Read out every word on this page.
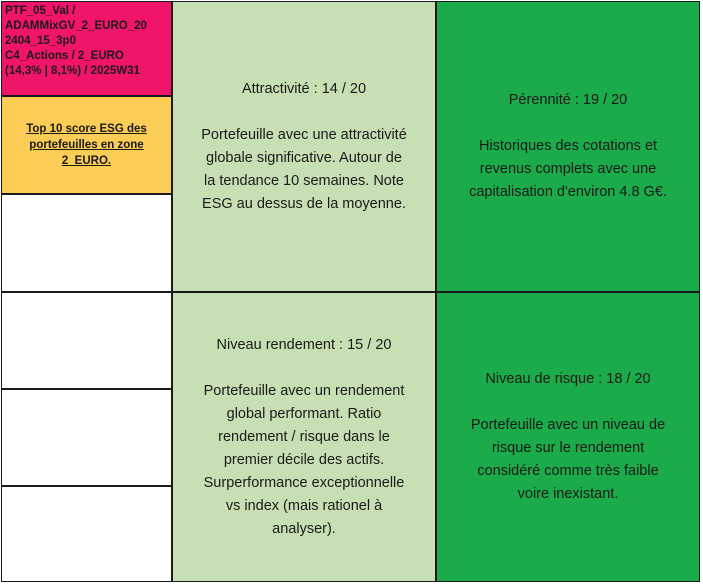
PTF_05_Val /
ADAMMixGV_2_EURO_20
2404_15_3p0
C4_Actions / 2_EURO
(14,3% | 8,1%) / 2025W31
Top 10 score ESG des portefeuilles en zone 2_EURO.
Attractivité : 14 / 20
Portefeuille avec une attractivité
globale significative. Autour de
la tendance 10 semaines. Note
ESG au dessus de la moyenne.
Pérennité : 19 / 20
Historiques des cotations et
revenus complets avec une
capitalisation d'environ 4.8 G€.
Niveau rendement : 15 / 20
Portefeuille avec un rendement
global performant. Ratio
rendement / risque dans le
premier décile des actifs.
Surperformance exceptionnelle
vs index (mais rationel à
analyser).
Niveau de risque : 18 / 20
Portefeuille avec un niveau de
risque sur le rendement
considéré comme très faible
voire inexistant.
